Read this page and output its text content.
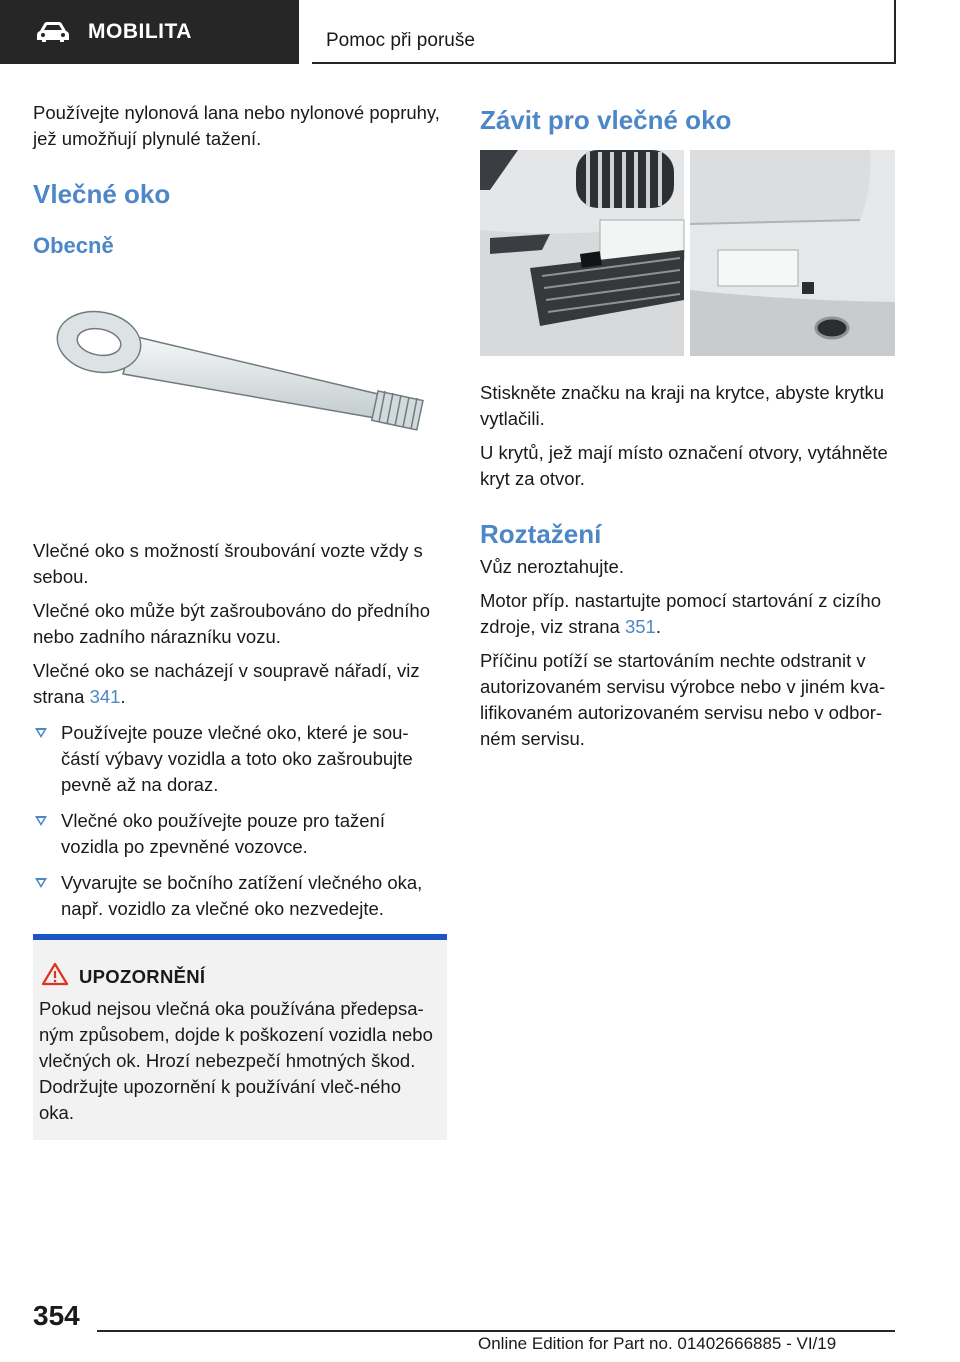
MOBILITA	Pomoc při poruše

Používejte nylonová lana nebo nylonové popruhy, jež umožňují plynulé tažení.

Vlečné oko
Obecně

Vlečné oko s možností šroubování vozte vždy s sebou.

Vlečné oko může být zašroubováno do předního nebo zadního nárazníku vozu.

Vlečné oko se nacházejí v soupravě nářadí, viz strana 341.

Používejte pouze vlečné oko, které je sou‐částí výbavy vozidla a toto oko zašroubujte pevně až na doraz.
Vlečné oko používejte pouze pro tažení vozidla po zpevněné vozovce.
Vyvarujte se bočního zatížení vlečného oka, např. vozidlo za vlečné oko nezvedejte.
UPOZORNĚNÍ
Pokud nejsou vlečná oka používána předepsa‐ným způsobem, dojde k poškození vozidla nebo vlečných ok. Hrozí nebezpečí hmotných škod. Dodržujte upozornění k používání vleč‐ného oka.
Závit pro vlečné oko

Stiskněte značku na kraji na krytce, abyste krytku vytlačili.

U krytů, jež mají místo označení otvory, vytáhněte kryt za otvor.

Roztažení

Vůz neroztahujte.

Motor příp. nastartujte pomocí startování z cizího zdroje, viz strana 351.

Příčinu potíží se startováním nechte odstranit v autorizovaném servisu výrobce nebo v jiném kva‐lifikovaném autorizovaném servisu nebo v odbor‐ném servisu.

354
Online Edition for Part no. 01402666885 - VI/19
